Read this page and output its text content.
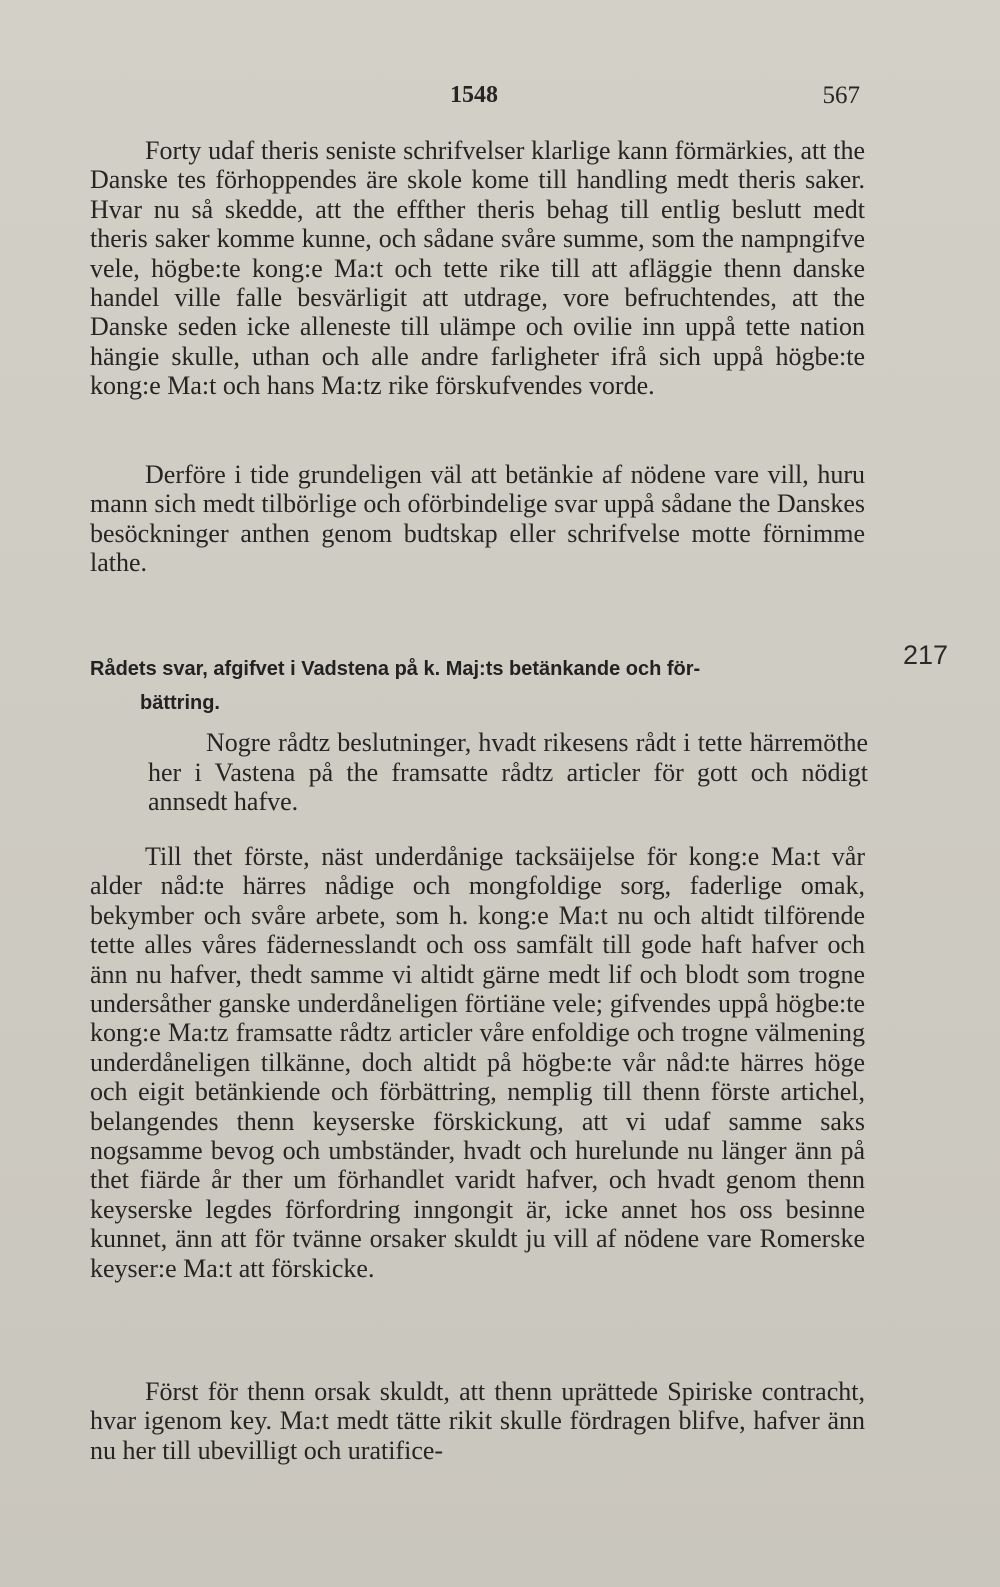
1548	567

Forty udaf theris seniste schrifvelser klarlige kann förmärkies, att the Danske tes förhoppendes äre skole kome till handling medt theris saker. Hvar nu så skedde, att the effther theris behag till entlig beslutt medt theris saker komme kunne, och sådane svåre summe, som the nampngifve vele, högbe:te kong:e Ma:t och tette rike till att afläggie thenn danske handel ville falle besvärligit att utdrage, vore befruchtendes, att the Danske seden icke alleneste till ulämpe och ovilie inn uppå tette nation hängie skulle, uthan och alle andre farligheter ifrå sich uppå högbe:te kong:e Ma:t och hans Ma:tz rike förskufvendes vorde.

Derföre i tide grundeligen väl att betänkie af nödene vare vill, huru mann sich medt tilbörlige och oförbindelige svar uppå sådane the Danskes besöckninger anthen genom budtskap eller schrifvelse motte förnimme lathe.

Rådets svar, afgifvet i Vadstena på k. Maj:ts betänkande och för-
bättring.
217

Nogre rådtz beslutninger, hvadt rikesens rådt i tette härremöthe her i Vastena på the framsatte rådtz articler för gott och nödigt annsedt hafve.

Till thet förste, näst underdånige tacksäijelse för kong:e Ma:t vår alder nåd:te härres nådige och mongfoldige sorg, faderlige omak, bekymber och svåre arbete, som h. kong:e Ma:t nu och altidt tilförende tette alles våres fädernesslandt och oss samfält till gode haft hafver och änn nu hafver, thedt samme vi altidt gärne medt lif och blodt som trogne undersåther ganske underdåneligen förtiäne vele; gifvendes uppå högbe:te kong:e Ma:tz framsatte rådtz articler våre enfoldige och trogne välmening underdåneligen tilkänne, doch altidt på högbe:te vår nåd:te härres höge och eigit betänkiende och förbättring, nemplig till thenn förste artichel, belangendes thenn keyserske förskickung, att vi udaf samme saks nogsamme bevog och umbständer, hvadt och hurelunde nu länger änn på thet fiärde år ther um förhandlet varidt hafver, och hvadt genom thenn keyserske legdes förfordring inngongit är, icke annet hos oss besinne kunnet, änn att för tvänne orsaker skuldt ju vill af nödene vare Romerske keyser:e Ma:t att förskicke.

Först för thenn orsak skuldt, att thenn uprättede Spiriske contracht, hvar igenom key. Ma:t medt tätte rikit skulle fördragen blifve, hafver änn nu her till ubevilligt och uratifice-
